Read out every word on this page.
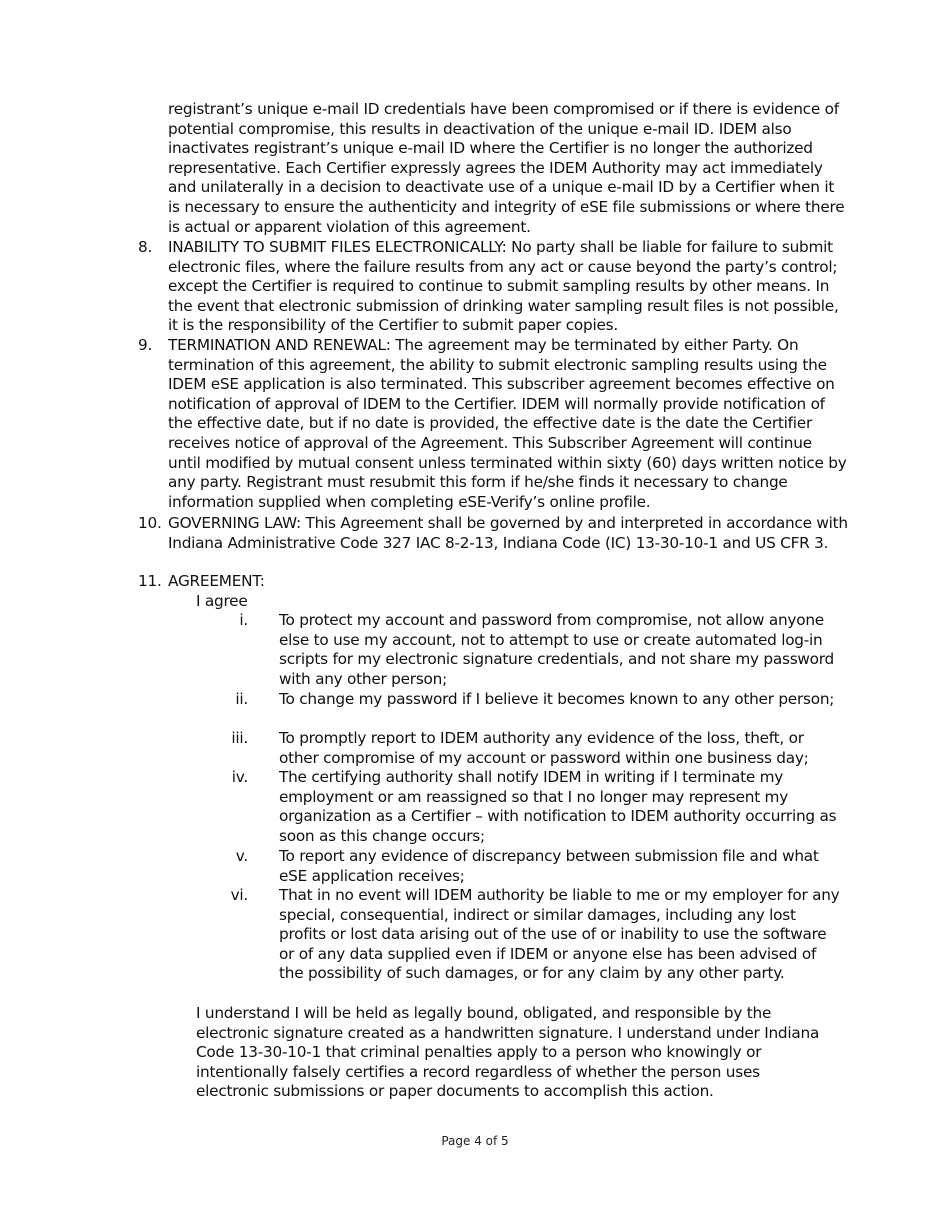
registrant’s unique e-mail ID credentials have been compromised or if there is evidence of potential compromise, this results in deactivation of the unique e-mail ID. IDEM also inactivates registrant’s unique e-mail ID where the Certifier is no longer the authorized representative. Each Certifier expressly agrees the IDEM Authority may act immediately and unilaterally in a decision to deactivate use of a unique e-mail ID by a Certifier when it is necessary to ensure the authenticity and integrity of eSE file submissions or where there is actual or apparent violation of this agreement.

8. INABILITY TO SUBMIT FILES ELECTRONICALLY: No party shall be liable for failure to submit electronic files, where the failure results from any act or cause beyond the party’s control; except the Certifier is required to continue to submit sampling results by other means. In the event that electronic submission of drinking water sampling result files is not possible, it is the responsibility of the Certifier to submit paper copies.

9. TERMINATION AND RENEWAL: The agreement may be terminated by either Party. On termination of this agreement, the ability to submit electronic sampling results using the IDEM eSE application is also terminated. This subscriber agreement becomes effective on notification of approval of IDEM to the Certifier. IDEM will normally provide notification of the effective date, but if no date is provided, the effective date is the date the Certifier receives notice of approval of the Agreement. This Subscriber Agreement will continue until modified by mutual consent unless terminated within sixty (60) days written notice by any party. Registrant must resubmit this form if he/she finds it necessary to change information supplied when completing eSE-Verify’s online profile.

10. GOVERNING LAW: This Agreement shall be governed by and interpreted in accordance with Indiana Administrative Code 327 IAC 8-2-13, Indiana Code (IC) 13-30-10-1 and US CFR 3.

11. AGREEMENT:

I agree

i. To protect my account and password from compromise, not allow anyone else to use my account, not to attempt to use or create automated log-in scripts for my electronic signature credentials, and not share my password with any other person;

ii. To change my password if I believe it becomes known to any other person;

iii. To promptly report to IDEM authority any evidence of the loss, theft, or other compromise of my account or password within one business day;

iv. The certifying authority shall notify IDEM in writing if I terminate my employment or am reassigned so that I no longer may represent my organization as a Certifier – with notification to IDEM authority occurring as soon as this change occurs;

v. To report any evidence of discrepancy between submission file and what eSE application receives;

vi. That in no event will IDEM authority be liable to me or my employer for any special, consequential, indirect or similar damages, including any lost profits or lost data arising out of the use of or inability to use the software or of any data supplied even if IDEM or anyone else has been advised of the possibility of such damages, or for any claim by any other party.

I understand I will be held as legally bound, obligated, and responsible by the electronic signature created as a handwritten signature. I understand under Indiana Code 13-30-10-1 that criminal penalties apply to a person who knowingly or intentionally falsely certifies a record regardless of whether the person uses electronic submissions or paper documents to accomplish this action.

Page 4 of 5
